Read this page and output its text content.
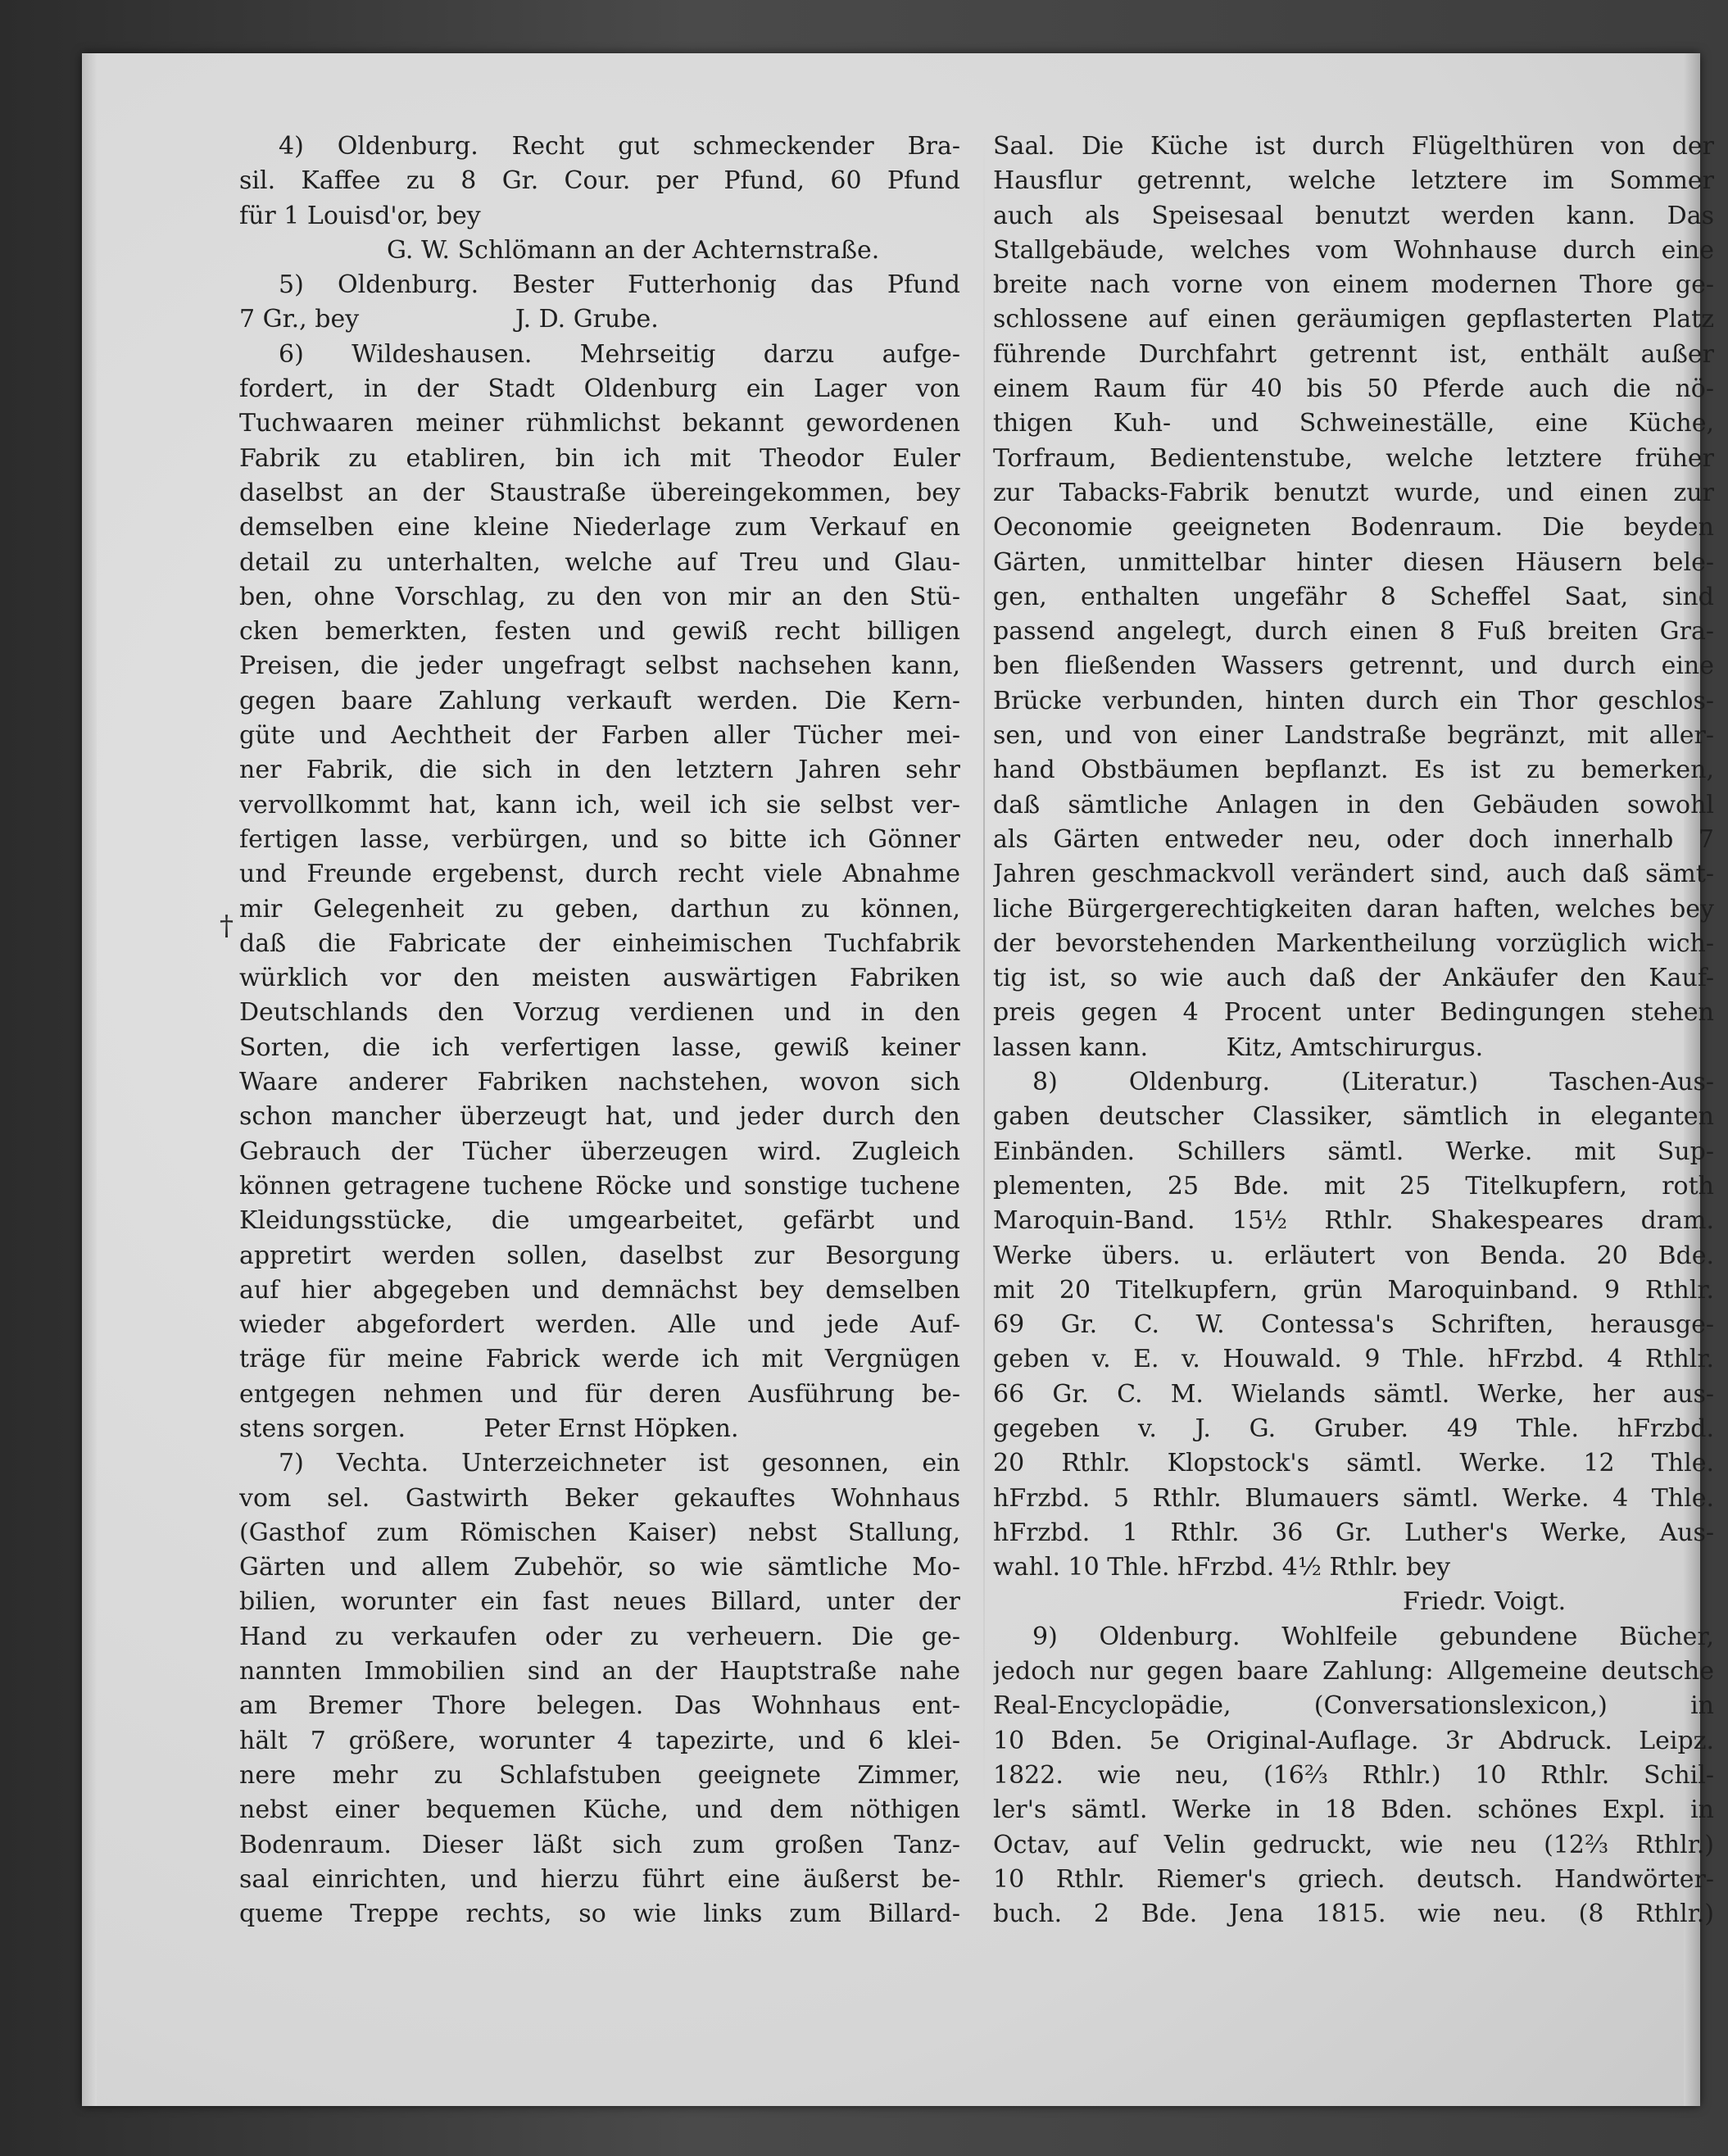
†
4) Oldenburg. Recht gut schmeckender Bra-
sil. Kaffee zu 8 Gr. Cour. per Pfund, 60 Pfund
für 1 Louisd'or, bey
G. W. Schlömann an der Achternstraße.
5) Oldenburg. Bester Futterhonig das Pfund
7 Gr., bey                    J. D. Grube.
6) Wildeshausen. Mehrseitig darzu aufge-
fordert, in der Stadt Oldenburg ein Lager von
Tuchwaaren meiner rühmlichst bekannt gewordenen
Fabrik zu etabliren, bin ich mit Theodor Euler
daselbst an der Staustraße übereingekommen, bey
demselben eine kleine Niederlage zum Verkauf en
detail zu unterhalten, welche auf Treu und Glau-
ben, ohne Vorschlag, zu den von mir an den Stü-
cken bemerkten, festen und gewiß recht billigen
Preisen, die jeder ungefragt selbst nachsehen kann,
gegen baare Zahlung verkauft werden. Die Kern-
güte und Aechtheit der Farben aller Tücher mei-
ner Fabrik, die sich in den letztern Jahren sehr
vervollkommt hat, kann ich, weil ich sie selbst ver-
fertigen lasse, verbürgen, und so bitte ich Gönner
und Freunde ergebenst, durch recht viele Abnahme
mir Gelegenheit zu geben, darthun zu können,
daß die Fabricate der einheimischen Tuchfabrik
würklich vor den meisten auswärtigen Fabriken
Deutschlands den Vorzug verdienen und in den
Sorten, die ich verfertigen lasse, gewiß keiner
Waare anderer Fabriken nachstehen, wovon sich
schon mancher überzeugt hat, und jeder durch den
Gebrauch der Tücher überzeugen wird. Zugleich
können getragene tuchene Röcke und sonstige tuchene
Kleidungsstücke, die umgearbeitet, gefärbt und
appretirt werden sollen, daselbst zur Besorgung
auf hier abgegeben und demnächst bey demselben
wieder abgefordert werden. Alle und jede Auf-
träge für meine Fabrick werde ich mit Vergnügen
entgegen nehmen und für deren Ausführung be-
stens sorgen.          Peter Ernst Höpken.
7) Vechta. Unterzeichneter ist gesonnen, ein
vom sel. Gastwirth Beker gekauftes Wohnhaus
(Gasthof zum Römischen Kaiser) nebst Stallung,
Gärten und allem Zubehör, so wie sämtliche Mo-
bilien, worunter ein fast neues Billard, unter der
Hand zu verkaufen oder zu verheuern. Die ge-
nannten Immobilien sind an der Hauptstraße nahe
am Bremer Thore belegen. Das Wohnhaus ent-
hält 7 größere, worunter 4 tapezirte, und 6 klei-
nere mehr zu Schlafstuben geeignete Zimmer,
nebst einer bequemen Küche, und dem nöthigen
Bodenraum. Dieser läßt sich zum großen Tanz-
saal einrichten, und hierzu führt eine äußerst be-
queme Treppe rechts, so wie links zum Billard-
Saal. Die Küche ist durch Flügelthüren von der
Hausflur getrennt, welche letztere im Sommer
auch als Speisesaal benutzt werden kann. Das
Stallgebäude, welches vom Wohnhause durch eine
breite nach vorne von einem modernen Thore ge-
schlossene auf einen geräumigen gepflasterten Platz
führende Durchfahrt getrennt ist, enthält außer
einem Raum für 40 bis 50 Pferde auch die nö-
thigen Kuh- und Schweineställe, eine Küche,
Torfraum, Bedientenstube, welche letztere früher
zur Tabacks-Fabrik benutzt wurde, und einen zur
Oeconomie geeigneten Bodenraum. Die beyden
Gärten, unmittelbar hinter diesen Häusern bele-
gen, enthalten ungefähr 8 Scheffel Saat, sind
passend angelegt, durch einen 8 Fuß breiten Gra-
ben fließenden Wassers getrennt, und durch eine
Brücke verbunden, hinten durch ein Thor geschlos-
sen, und von einer Landstraße begränzt, mit aller-
hand Obstbäumen bepflanzt. Es ist zu bemerken,
daß sämtliche Anlagen in den Gebäuden sowohl
als Gärten entweder neu, oder doch innerhalb 7
Jahren geschmackvoll verändert sind, auch daß sämt-
liche Bürgergerechtigkeiten daran haften, welches bey
der bevorstehenden Markentheilung vorzüglich wich-
tig ist, so wie auch daß der Ankäufer den Kauf-
preis gegen 4 Procent unter Bedingungen stehen
lassen kann.          Kitz, Amtschirurgus.
8) Oldenburg. (Literatur.) Taschen-Aus-
gaben deutscher Classiker, sämtlich in eleganten
Einbänden. Schillers sämtl. Werke. mit Sup-
plementen, 25 Bde. mit 25 Titelkupfern, roth
Maroquin-Band. 15½ Rthlr. Shakespeares dram.
Werke übers. u. erläutert von Benda. 20 Bde.
mit 20 Titelkupfern, grün Maroquinband. 9 Rthlr.
69 Gr. C. W. Contessa's Schriften, herausge-
geben v. E. v. Houwald. 9 Thle. hFrzbd. 4 Rthlr.
66 Gr. C. M. Wielands sämtl. Werke, her aus-
gegeben v. J. G. Gruber. 49 Thle. hFrzbd.
20 Rthlr. Klopstock's sämtl. Werke. 12 Thle.
hFrzbd. 5 Rthlr. Blumauers sämtl. Werke. 4 Thle.
hFrzbd. 1 Rthlr. 36 Gr. Luther's Werke, Aus-
wahl. 10 Thle. hFrzbd. 4½ Rthlr. bey
Friedr. Voigt.
9) Oldenburg. Wohlfeile gebundene Bücher,
jedoch nur gegen baare Zahlung: Allgemeine deutsche
Real-Encyclopädie, (Conversationslexicon,) in
10 Bden. 5e Original-Auflage. 3r Abdruck. Leipz.
1822. wie neu, (16⅔ Rthlr.) 10 Rthlr. Schil-
ler's sämtl. Werke in 18 Bden. schönes Expl. in
Octav, auf Velin gedruckt, wie neu (12⅔ Rthlr.)
10 Rthlr. Riemer's griech. deutsch. Handwörter-
buch. 2 Bde. Jena 1815. wie neu. (8 Rthlr.)
